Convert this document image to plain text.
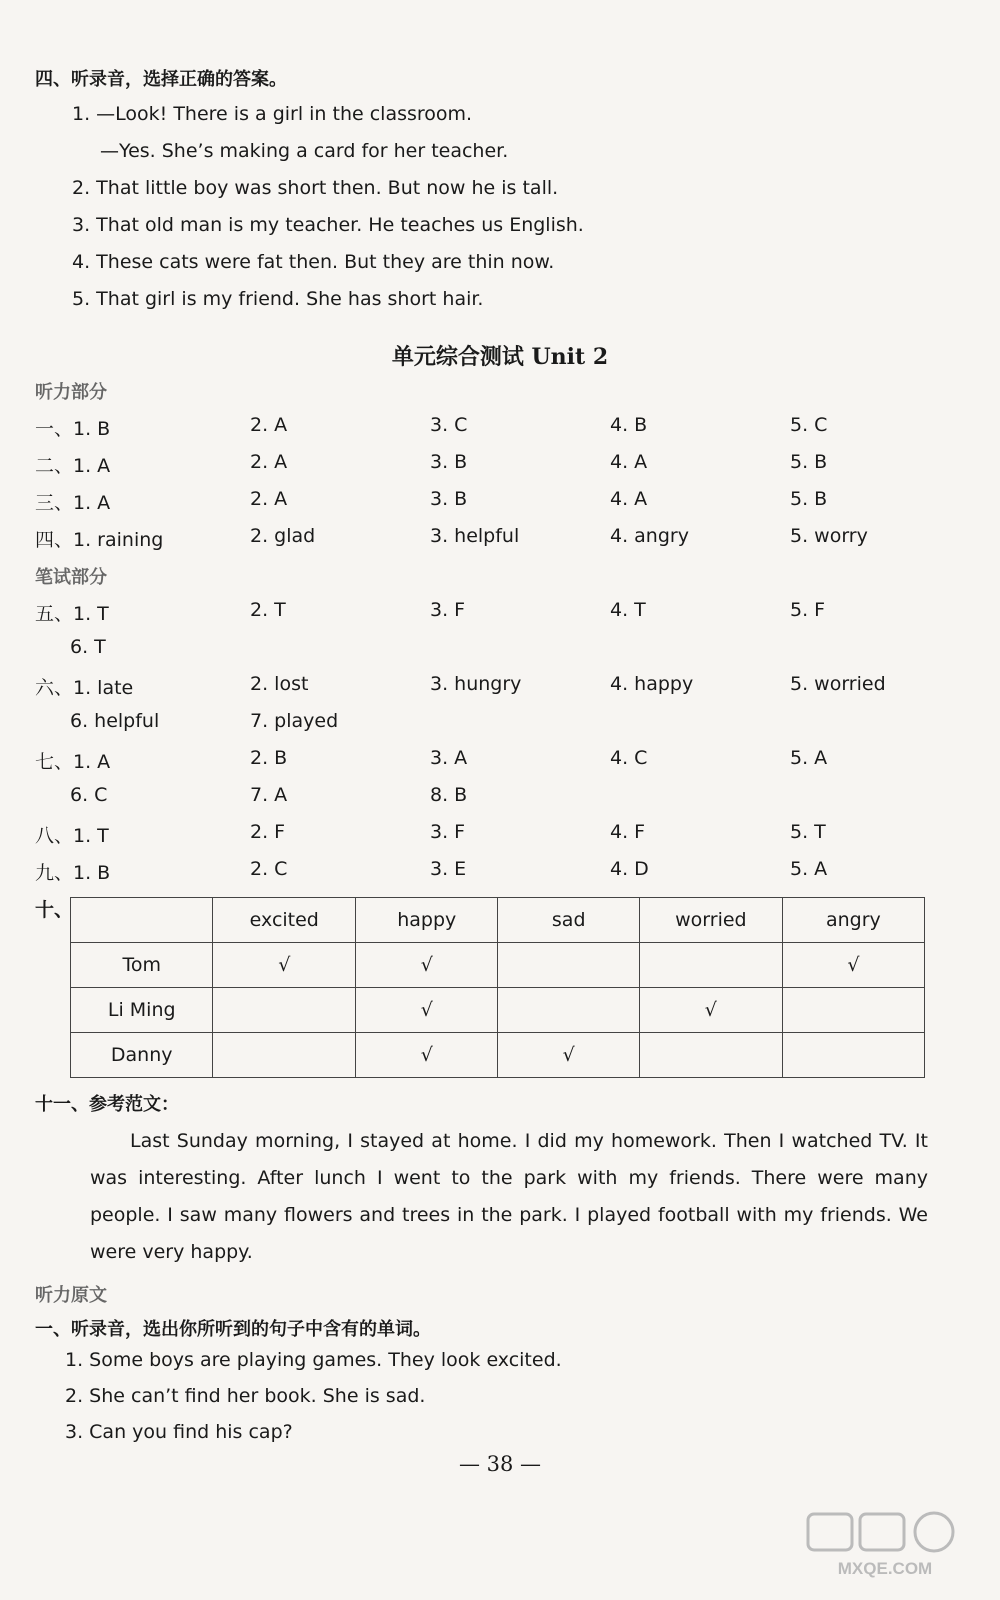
四、听录音，选择正确的答案。
1. —Look! There is a girl in the classroom.
—Yes. She’s making a card for her teacher.
2. That little boy was short then. But now he is tall.
3. That old man is my teacher. He teaches us English.
4. These cats were fat then. But they are thin now.
5. That girl is my friend. She has short hair.
单元综合测试 Unit 2
听力部分
一、1. B	2. A	3. C	4. B	5. C
二、1. A	2. A	3. B	4. A	5. B
三、1. A	2. A	3. B	4. A	5. B
四、1. raining	2. glad	3. helpful	4. angry	5. worry
笔试部分
五、1. T	2. T	3. F	4. T	5. F
6. T
六、1. late	2. lost	3. hungry	4. happy	5. worried
6. helpful	7. played
七、1. A	2. B	3. A	4. C	5. A
6. C	7. A	8. B
八、1. T	2. F	3. F	4. F	5. T
九、1. B	2. C	3. E	4. D	5. A
十、
		excited	happy	sad	worried	angry
Tom	√	√			√
Li Ming		√		√	
Danny		√	√		
十一、参考范文：
Last Sunday morning, I stayed at home. I did my homework. Then I watched TV. It was interesting. After lunch I went to the park with my friends. There were many people. I saw many flowers and trees in the park. I played football with my friends. We were very happy.
听力原文
一、听录音，选出你所听到的句子中含有的单词。
1. Some boys are playing games. They look excited.
2. She can’t find her book. She is sad.
3. Can you find his cap?
— 38 —
MXQE.COM
